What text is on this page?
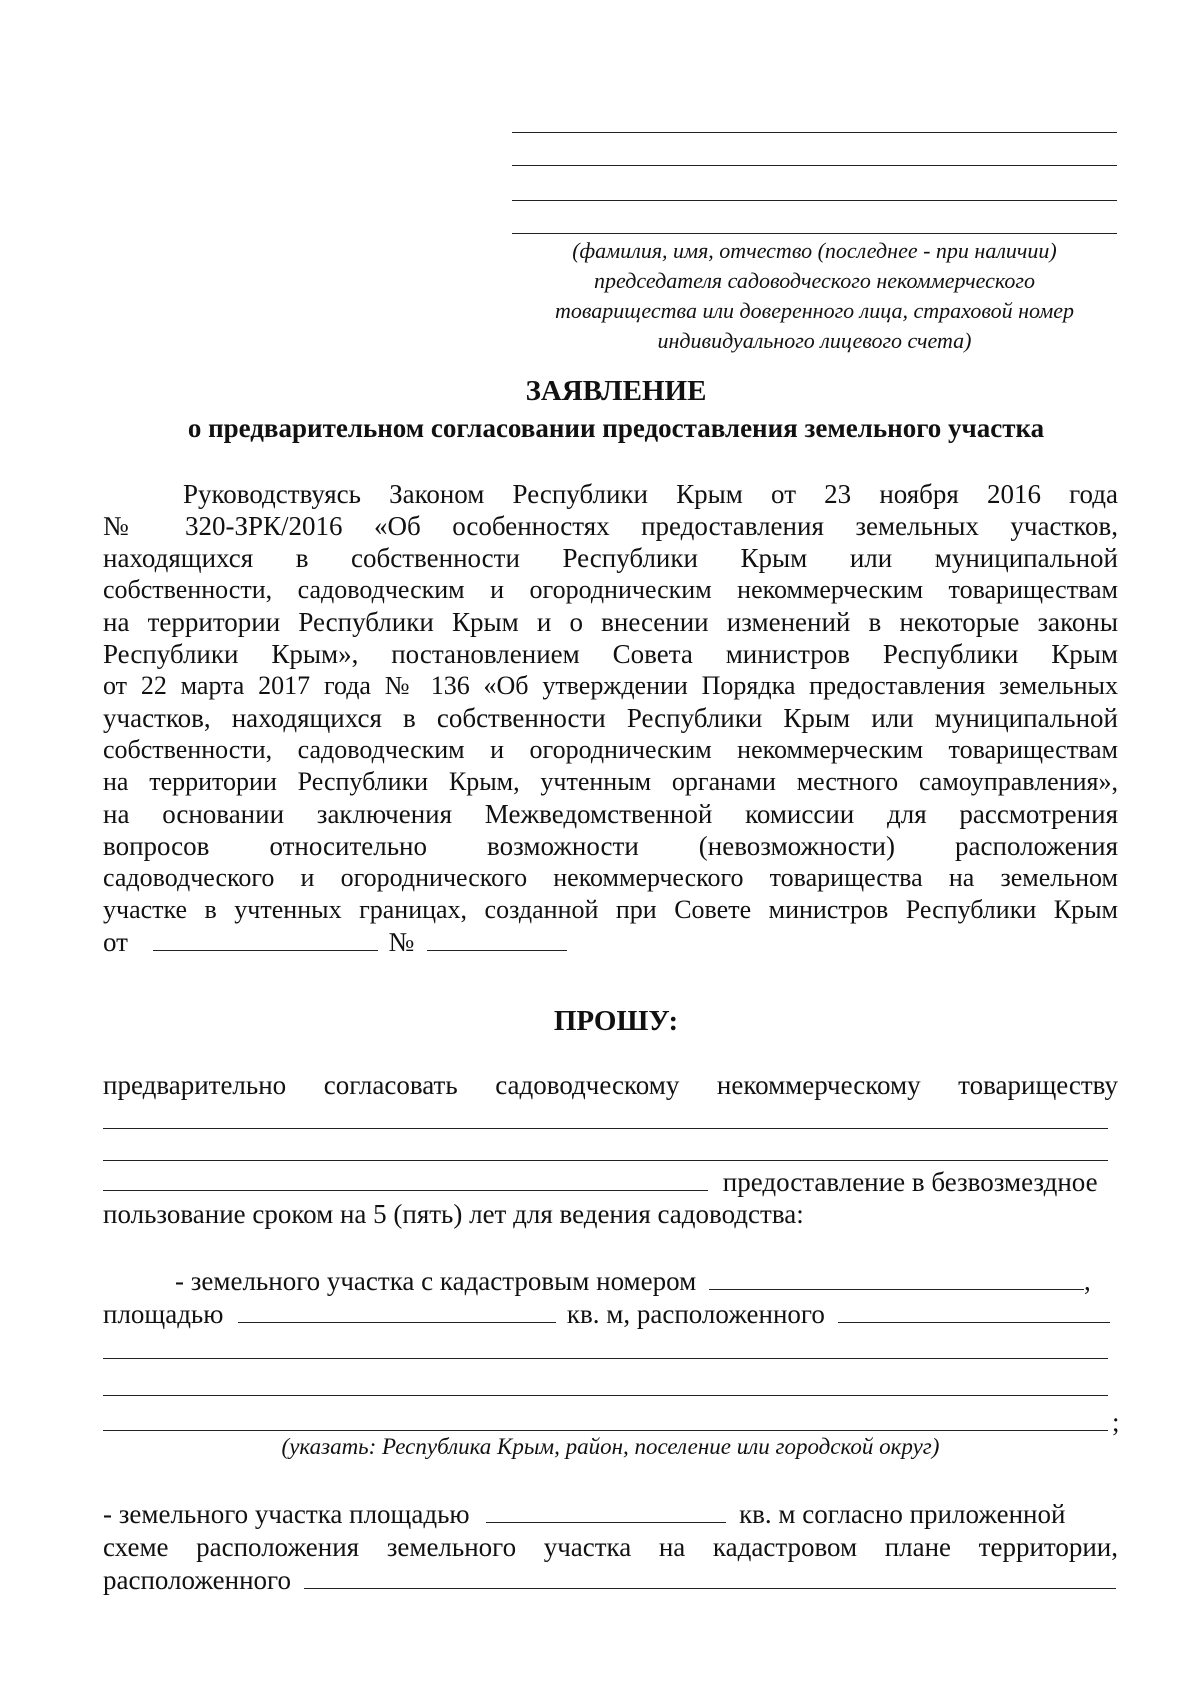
(фамилия, имя, отчество (последнее - при наличии)
председателя садоводческого некоммерческого
товарищества или доверенного лица, страховой номер
индивидуального лицевого счета)
ЗАЯВЛЕНИЕ
о предварительном согласовании предоставления земельного участка
Руководствуясь Законом Республики Крым от 23 ноября 2016 года
№ 320-ЗРК/2016 «Об особенностях предоставления земельных участков,
находящихся в собственности Республики Крым или муниципальной
собственности, садоводческим и огородническим некоммерческим товариществам
на территории Республики Крым и о внесении изменений в некоторые законы
Республики Крым», постановлением Совета министров Республики Крым
от 22 марта 2017 года № 136 «Об утверждении Порядка предоставления земельных
участков, находящихся в собственности Республики Крым или муниципальной
собственности, садоводческим и огородническим некоммерческим товариществам
на территории Республики Крым, учтенным органами местного самоуправления»,
на основании заключения Межведомственной комиссии для рассмотрения
вопросов относительно возможности (невозможности) расположения
садоводческого и огороднического некоммерческого товарищества на земельном
участке в учтенных границах, созданной при Совете министров Республики Крым
от	№
ПРОШУ:
предварительно согласовать садоводческому некоммерческому товариществу
предоставление в безвозмездное
пользование сроком на 5 (пять) лет для ведения садоводства:
- земельного участка с кадастровым номером	,
площадью	кв. м, расположенного
;
(указать: Республика Крым, район, поселение или городской округ)
- земельного участка площадью	кв. м согласно приложенной
схеме расположения земельного участка на кадастровом плане территории,
расположенного
